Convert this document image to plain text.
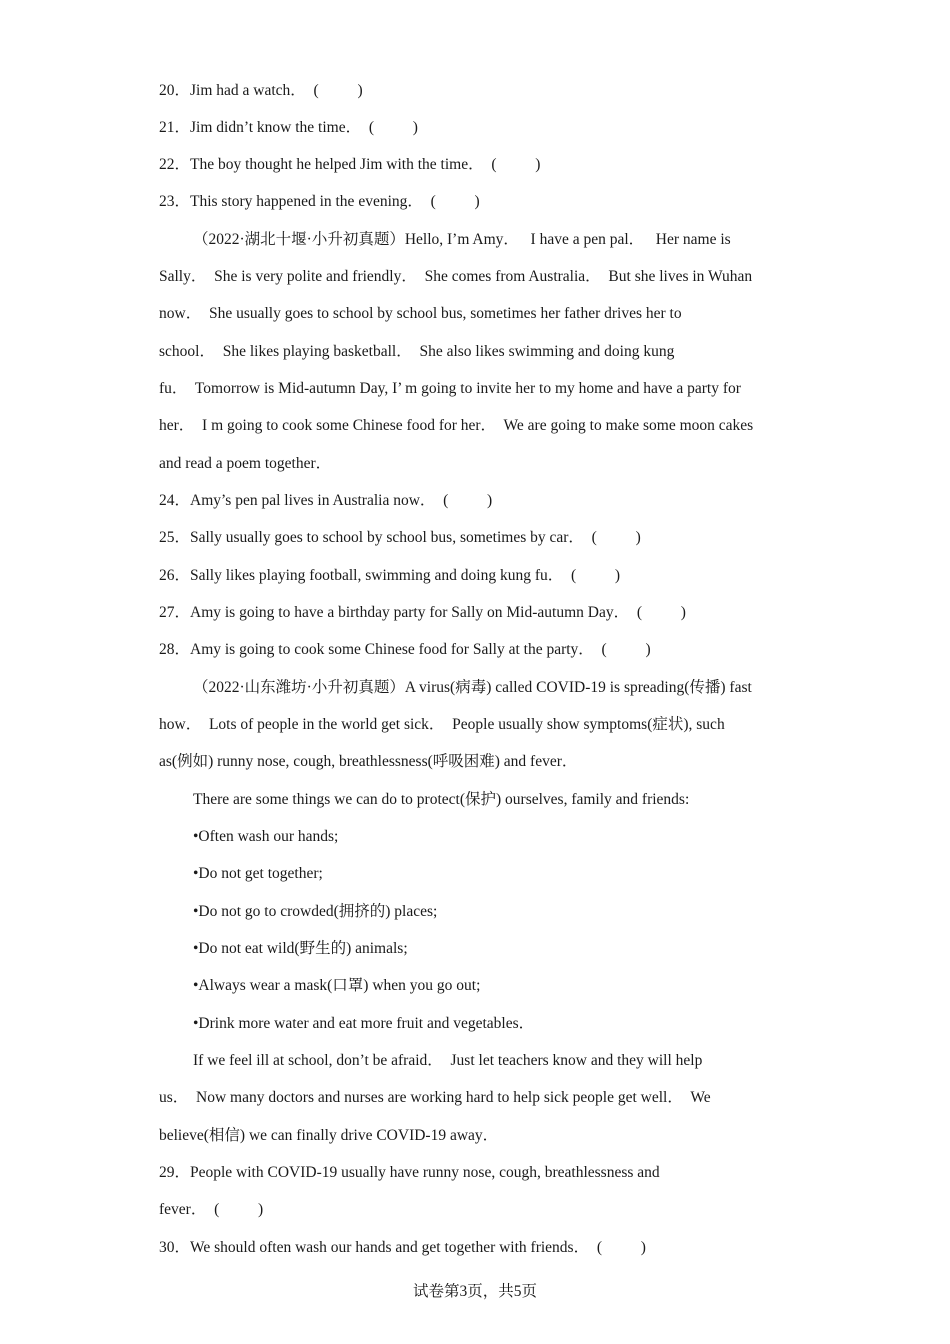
20．Jim had a watch．  (          )
21．Jim didn’t know the time．  (          )
22．The boy thought he helped Jim with the time．  (          )
23．This story happened in the evening．  (          )
（2022·湖北十堰·小升初真题）Hello, I’m Amy．   I have a pen pal．   Her name is
Sally．  She is very polite and friendly．  She comes from Australia．  But she lives in Wuhan
now．  She usually goes to school by school bus, sometimes her father drives her to
school．  She likes playing basketball．  She also likes swimming and doing kung
fu．  Tomorrow is Mid-autumn Day, I’ m going to invite her to my home and have a party for
her．  I m going to cook some Chinese food for her．  We are going to make some moon cakes
and read a poem together．
24．Amy’s pen pal lives in Australia now．  (          )
25．Sally usually goes to school by school bus, sometimes by car．  (          )
26．Sally likes playing football, swimming and doing kung fu．  (          )
27．Amy is going to have a birthday party for Sally on Mid-autumn Day．  (          )
28．Amy is going to cook some Chinese food for Sally at the party．  (          )
（2022·山东潍坊·小升初真题）A virus(病毒) called COVID-19 is spreading(传播) fast
how．  Lots of people in the world get sick．  People usually show symptoms(症状), such
as(例如) runny nose, cough, breathlessness(呼吸困难) and fever．
There are some things we can do to protect(保护) ourselves, family and friends:
•Often wash our hands;
•Do not get together;
•Do not go to crowded(拥挤的) places;
•Do not eat wild(野生的) animals;
•Always wear a mask(口罩) when you go out;
•Drink more water and eat more fruit and vegetables．
If we feel ill at school, don’t be afraid．  Just let teachers know and they will help
us．  Now many doctors and nurses are working hard to help sick people get well．  We
believe(相信) we can finally drive COVID-19 away．
29．People with COVID-19 usually have runny nose, cough, breathlessness and
fever．  (          )
30．We should often wash our hands and get together with friends．  (          )
试卷第3页，共5页
